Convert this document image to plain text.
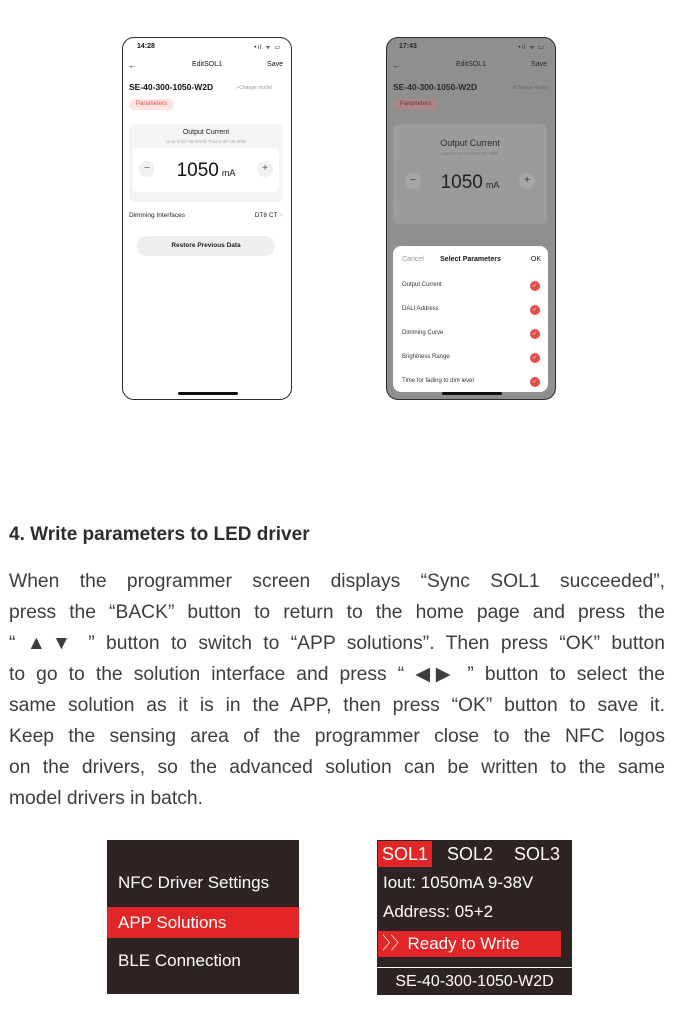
14:28	•ıl ᯤ ▭
←	EditSOL1	Save
SE-40-300-1050-W2D	↗Change model
Parameters
Output Current
Uout 9.00~38.00Vdc Pout 9.45~40.00W
−	1050 mA	+
Dimming Interfaces	DT8 CT >
Restore Previous Data
17:43	•ıl ᯤ ▭
←	EditSOL1	Save
SE-40-300-1050-W2D	↗Change model
Parameters
Output Current
Uout 9~42Vdc Pout 27~40W
−	1050 mA	+
Cancel	Select Parameters	OK
Output Current	✓
DALI Address	✓
Dimming Curve	✓
Brightness Range	✓
Time for fading to dim level	✓
4. Write parameters to LED driver
When the programmer screen displays “Sync SOL1 succeeded”,
press the “BACK” button to return to the home page and press the
“ ▲▼ ” button to switch to “APP solutions”. Then press “OK” button
to go to the solution interface and press “ ◀▶ ” button to select the
same solution as it is in the APP, then press “OK” button to save it.
Keep the sensing area of the programmer close to the NFC logos
on the drivers, so the advanced solution can be written to the same
model drivers in batch.
NFC Driver Settings
APP Solutions
BLE Connection
SOL1 SOL2 SOL3
Iout: 1050mA 9-38V
Address: 05+2
〉〉Ready to Write
SE-40-300-1050-W2D
